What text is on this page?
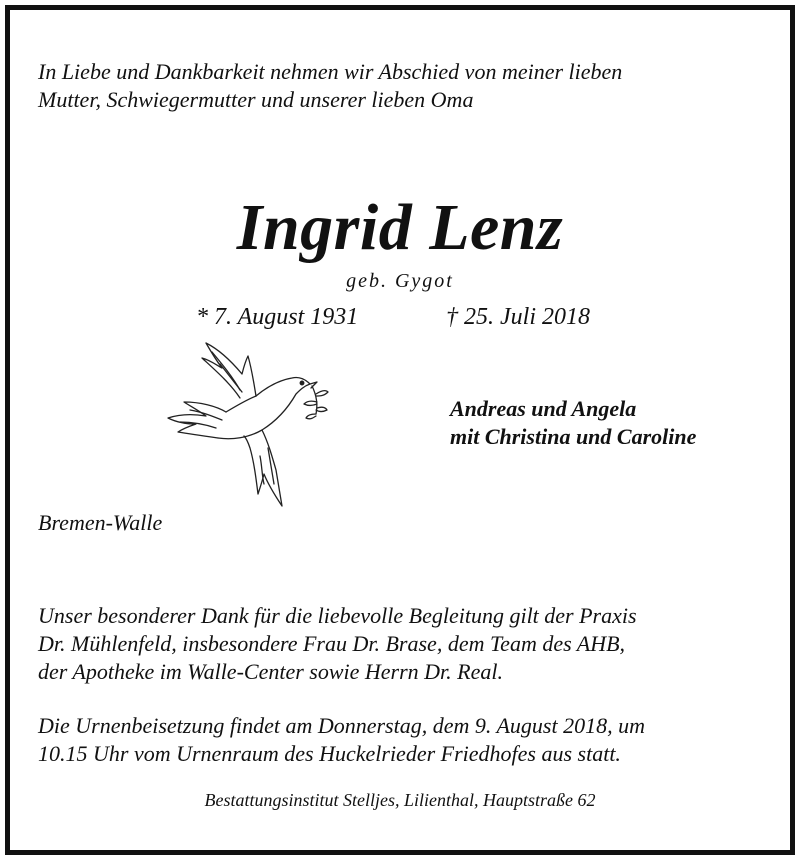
In Liebe und Dankbarkeit nehmen wir Abschied von meiner lieben
Mutter, Schwiegermutter und unserer lieben Oma
Ingrid Lenz
geb. Gygot
* 7. August 1931	† 25. Juli 2018
Andreas und Angela
mit Christina und Caroline
Bremen-Walle
Unser besonderer Dank für die liebevolle Begleitung gilt der Praxis
Dr. Mühlenfeld, insbesondere Frau Dr. Brase, dem Team des AHB,
der Apotheke im Walle-Center sowie Herrn Dr. Real.
Die Urnenbeisetzung findet am Donnerstag, dem 9. August 2018, um
10.15 Uhr vom Urnenraum des Huckelrieder Friedhofes aus statt.
Bestattungsinstitut Stelljes, Lilienthal, Hauptstraße 62
